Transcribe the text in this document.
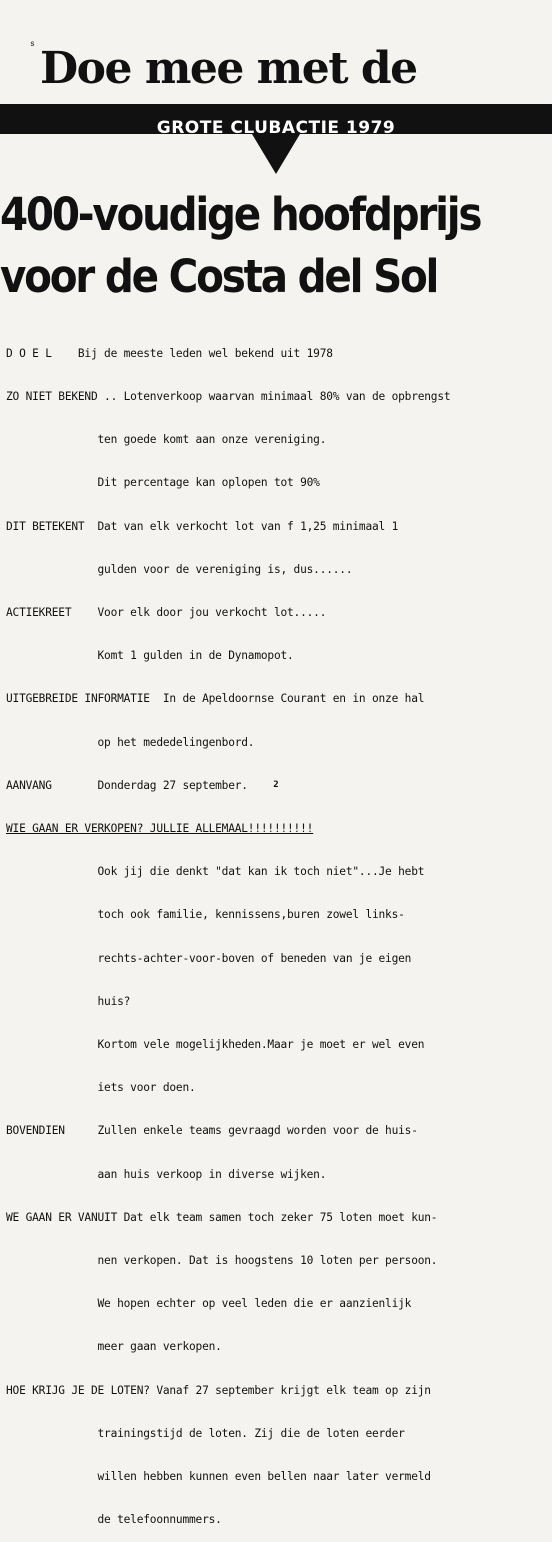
s Doe mee met de
GROTE CLUBACTIE 1979
400-voudige hoofdprijs
voor de Costa del Sol

D O E L    Bij de meeste leden wel bekend uit 1978

ZO NIET BEKEND .. Lotenverkoop waarvan minimaal 80% van de opbrengst

ten goede komt aan onze vereniging.

Dit percentage kan oplopen tot 90%

DIT BETEKENT  Dat van elk verkocht lot van f 1,25 minimaal 1

gulden voor de vereniging is, dus......

ACTIEKREET    Voor elk door jou verkocht lot.....

Komt 1 gulden in de Dynamopot.

UITGEBREIDE INFORMATIE  In de Apeldoornse Courant en in onze hal

op het mededelingenbord.

AANVANG       Donderdag 27 september.

WIE GAAN ER VERKOPEN? JULLIE ALLEMAAL!!!!!!!!!!

Ook jij die denkt "dat kan ik toch niet"...Je hebt

toch ook familie, kennissens,buren zowel links-

rechts-achter-voor-boven of beneden van je eigen

huis?

Kortom vele mogelijkheden.Maar je moet er wel even

iets voor doen.

BOVENDIEN     Zullen enkele teams gevraagd worden voor de huis-

aan huis verkoop in diverse wijken.

WE GAAN ER VANUIT Dat elk team samen toch zeker 75 loten moet kun-

nen verkopen. Dat is hoogstens 10 loten per persoon.

We hopen echter op veel leden die er aanzienlijk

meer gaan verkopen.

HOE KRIJG JE DE LOTEN? Vanaf 27 september krijgt elk team op zijn

trainingstijd de loten. Zij die de loten eerder

willen hebben kunnen even bellen naar later vermeld

de telefoonnummers.

2
